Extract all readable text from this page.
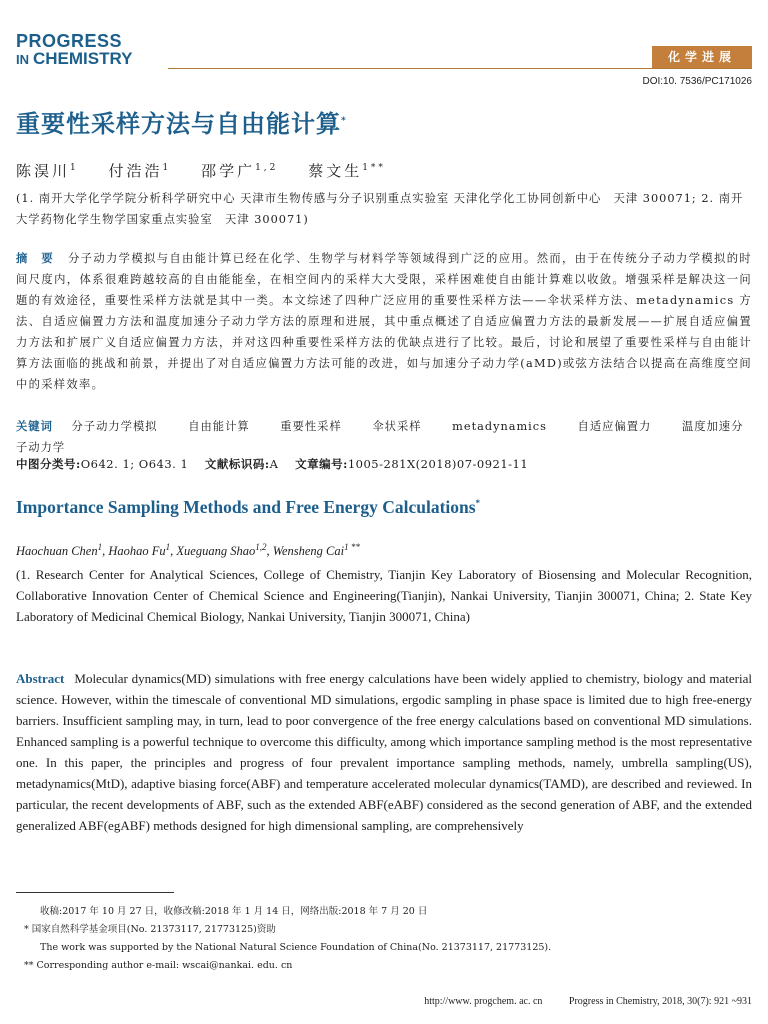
PROGRESS
IN CHEMISTRY	化学进展
DOI:10. 7536/PC171026
重要性采样方法与自由能计算*
陈淏川$^1$ 付浩浩$^1$ 邵学广$^{1,2}$ 蔡文生$^{1**}$
(1. 南开大学化学学院分析科学研究中心 天津市生物传感与分子识别重点实验室 天津化学化工协同创新中心　天津 300071; 2. 南开大学药物化学生物学国家重点实验室　天津 300071)
摘　要 分子动力学模拟与自由能计算已经在化学、生物学与材料学等领域得到广泛的应用。然而，由于在传统分子动力学模拟的时间尺度内，体系很难跨越较高的自由能能垒，在相空间内的采样大大受限，采样困难使自由能计算难以收敛。增强采样是解决这一问题的有效途径，重要性采样方法就是其中一类。本文综述了四种广泛应用的重要性采样方法——伞状采样方法、metadynamics 方法、自适应偏置力方法和温度加速分子动力学方法的原理和进展，其中重点概述了自适应偏置力方法的最新发展——扩展自适应偏置力方法和扩展广义自适应偏置力方法，并对这四种重要性采样方法的优缺点进行了比较。最后，讨论和展望了重要性采样与自由能计算方法面临的挑战和前景，并提出了对自适应偏置力方法可能的改进，如与加速分子动力学(aMD)或弦方法结合以提高在高维度空间中的采样效率。
关键词 分子动力学模拟	自由能计算	重要性采样	伞状采样	metadynamics	自适应偏置力	温度加速分子动力学
中图分类号:O642. 1; O643. 1 文献标识码:A 文章编号:1005-281X(2018)07-0921-11
Importance Sampling Methods and Free Energy Calculations*
Haochuan Chen$^1$, Haohao Fu$^1$, Xueguang Shao$^{1,2}$, Wensheng Cai$^{1 **}$
(1. Research Center for Analytical Sciences, College of Chemistry, Tianjin Key Laboratory of Biosensing and Molecular Recognition, Collaborative Innovation Center of Chemical Science and Engineering(Tianjin), Nankai University, Tianjin 300071, China; 2. State Key Laboratory of Medicinal Chemical Biology, Nankai University, Tianjin 300071, China)
Abstract Molecular dynamics(MD) simulations with free energy calculations have been widely applied to chemistry, biology and material science. However, within the timescale of conventional MD simulations, ergodic sampling in phase space is limited due to high free-energy barriers. Insufficient sampling may, in turn, lead to poor convergence of the free energy calculations based on conventional MD simulations. Enhanced sampling is a powerful technique to overcome this difficulty, among which importance sampling method is the most representative one. In this paper, the principles and progress of four prevalent importance sampling methods, namely, umbrella sampling(US), metadynamics(MtD), adaptive biasing force(ABF) and temperature accelerated molecular dynamics(TAMD), are described and reviewed. In particular, the recent developments of ABF, such as the extended ABF(eABF) considered as the second generation of ABF, and the extended generalized ABF(egABF) methods designed for high dimensional sampling, are comprehensively
收稿:2017 年 10 月 27 日，收修改稿:2018 年 1 月 14 日，网络出版:2018 年 7 月 20 日
* 国家自然科学基金项目(No. 21373117, 21773125)资助
The work was supported by the National Natural Science Foundation of China(No. 21373117, 21773125).
** Corresponding author e-mail: wscai@nankai. edu. cn
http://www. progchem. ac. cn	Progress in Chemistry, 2018, 30(7): 921 ~931
